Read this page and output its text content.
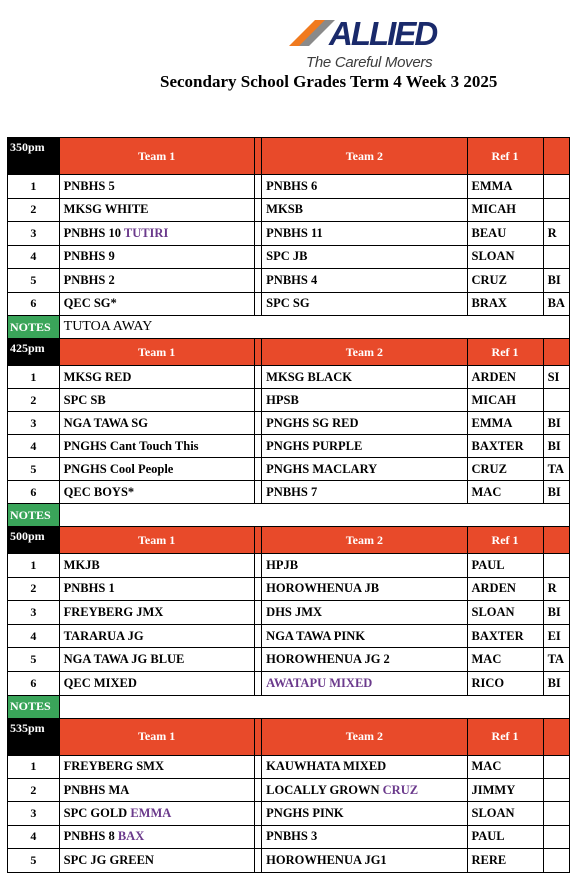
ALLIED
The Careful Movers
Secondary School Grades Term 4 Week 3 2025
350pm	Team 1		Team 2	Ref 1	
1	PNBHS 5		PNBHS 6	EMMA	
2	MKSG WHITE		MKSB	MICAH	
3	PNBHS 10 TUTIRI		PNBHS 11	BEAU	R
4	PNBHS 9		SPC JB	SLOAN	
5	PNBHS 2		PNBHS 4	CRUZ	BI
6	QEC SG*		SPC SG	BRAX	BA
NOTES	TUTOA AWAY				
425pm	Team 1		Team 2	Ref 1	
1	MKSG RED		MKSG BLACK	ARDEN	SI
2	SPC SB		HPSB	MICAH	
3	NGA TAWA SG		PNGHS SG RED	EMMA	BI
4	PNGHS Cant Touch This		PNGHS PURPLE	BAXTER	BI
5	PNGHS Cool People		PNGHS MACLARY	CRUZ	TA
6	QEC BOYS*		PNBHS 7	MAC	BI
NOTES					
500pm	Team 1		Team 2	Ref 1	
1	MKJB		HPJB	PAUL	
2	PNBHS 1		HOROWHENUA JB	ARDEN	R
3	FREYBERG JMX		DHS JMX	SLOAN	BI
4	TARARUA JG		NGA TAWA PINK	BAXTER	EI
5	NGA TAWA JG BLUE		HOROWHENUA JG 2	MAC	TA
6	QEC MIXED		AWATAPU MIXED	RICO	BI
NOTES					
535pm	Team 1		Team 2	Ref 1	
1	FREYBERG SMX		KAUWHATA MIXED	MAC	
2	PNBHS MA		LOCALLY GROWN CRUZ	JIMMY	
3	SPC GOLD EMMA		PNGHS PINK	SLOAN	
4	PNBHS 8 BAX		PNBHS 3	PAUL	
5	SPC JG GREEN		HOROWHENUA JG1	RERE	
